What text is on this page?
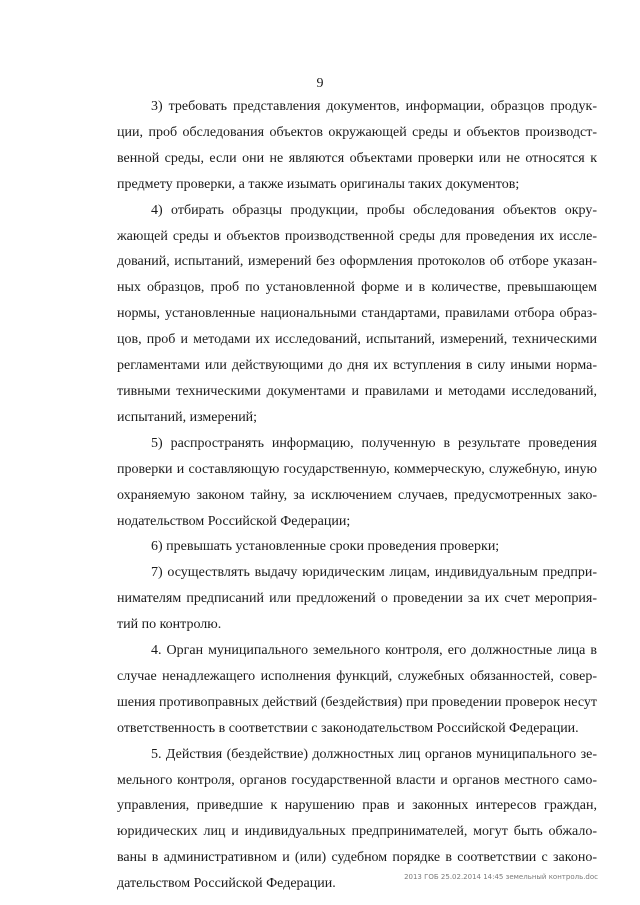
9

3) требовать представления документов, информации, образцов продукции, проб обследования объектов окружающей среды и объектов производственной среды, если они не являются объектами проверки или не относятся к предмету проверки, а также изымать оригиналы таких документов;

4) отбирать образцы продукции, пробы обследования объектов окружающей среды и объектов производственной среды для проведения их исследований, испытаний, измерений без оформления протоколов об отборе указанных образцов, проб по установленной форме и в количестве, превышающем нормы, установленные национальными стандартами, правилами отбора образцов, проб и методами их исследований, испытаний, измерений, техническими регламентами или действующими до дня их вступления в силу иными нормативными техническими документами и правилами и методами исследований, испытаний, измерений;

5) распространять информацию, полученную в результате проведения проверки и составляющую государственную, коммерческую, служебную, иную охраняемую законом тайну, за исключением случаев, предусмотренных законодательством Российской Федерации;

6) превышать установленные сроки проведения проверки;

7) осуществлять выдачу юридическим лицам, индивидуальным предпринимателям предписаний или предложений о проведении за их счет мероприятий по контролю.

4. Орган муниципального земельного контроля, его должностные лица в случае ненадлежащего исполнения функций, служебных обязанностей, совершения противоправных действий (бездействия) при проведении проверок несут ответственность в соответствии с законодательством Российской Федерации.

5. Действия (бездействие) должностных лиц органов муниципального земельного контроля, органов государственной власти и органов местного самоуправления, приведшие к нарушению прав и законных интересов граждан, юридических лиц и индивидуальных предпринимателей, могут быть обжалованы в административном и (или) судебном порядке в соответствии с законодательством Российской Федерации.	2013 ГОБ 25.02.2014 14:45 земельный контроль.doc
